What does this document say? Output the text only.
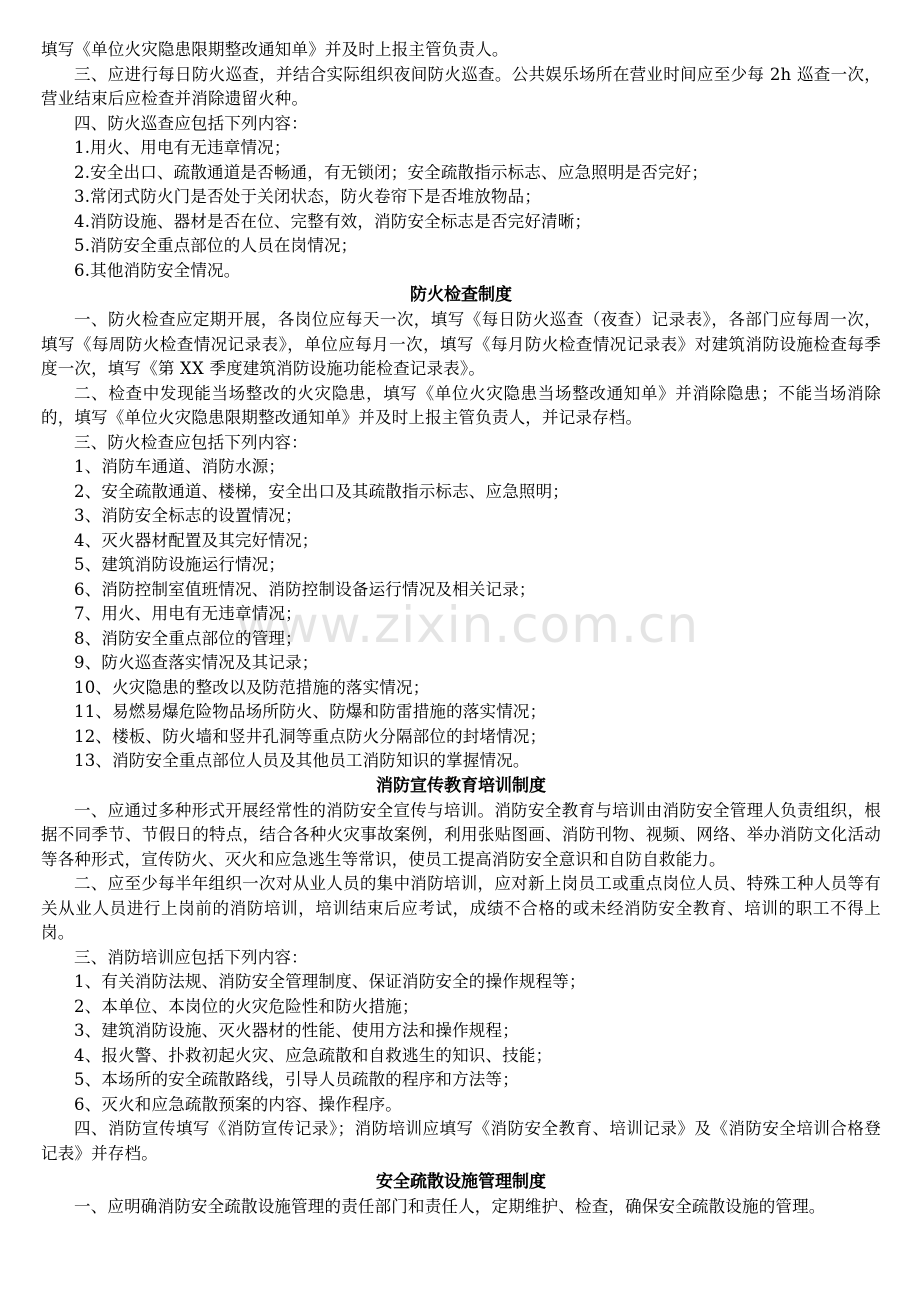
填写《单位火灾隐患限期整改通知单》并及时上报主管负责人。

三、应进行每日防火巡查，并结合实际组织夜间防火巡查。公共娱乐场所在营业时间应至少每 2h 巡查一次，营业结束后应检查并消除遗留火种。

四、防火巡查应包括下列内容：

1.用火、用电有无违章情况；

2.安全出口、疏散通道是否畅通，有无锁闭；安全疏散指示标志、应急照明是否完好；

3.常闭式防火门是否处于关闭状态，防火卷帘下是否堆放物品；

4.消防设施、器材是否在位、完整有效，消防安全标志是否完好清晰；

5.消防安全重点部位的人员在岗情况；

6.其他消防安全情况。

防火检查制度

一、防火检查应定期开展，各岗位应每天一次，填写《每日防火巡查（夜查）记录表》，各部门应每周一次，填写《每周防火检查情况记录表》，单位应每月一次，填写《每月防火检查情况记录表》对建筑消防设施检查每季度一次，填写《第 XX 季度建筑消防设施功能检查记录表》。

二、检查中发现能当场整改的火灾隐患，填写《单位火灾隐患当场整改通知单》并消除隐患；不能当场消除的，填写《单位火灾隐患限期整改通知单》并及时上报主管负责人，并记录存档。

三、防火检查应包括下列内容：

1、消防车通道、消防水源；

2、安全疏散通道、楼梯，安全出口及其疏散指示标志、应急照明；

3、消防安全标志的设置情况；

4、灭火器材配置及其完好情况；

5、建筑消防设施运行情况；

6、消防控制室值班情况、消防控制设备运行情况及相关记录；

7、用火、用电有无违章情况；

8、消防安全重点部位的管理；

9、防火巡查落实情况及其记录；

10、火灾隐患的整改以及防范措施的落实情况；

11、易燃易爆危险物品场所防火、防爆和防雷措施的落实情况；

12、楼板、防火墙和竖井孔洞等重点防火分隔部位的封堵情况；

13、消防安全重点部位人员及其他员工消防知识的掌握情况。

消防宣传教育培训制度

一、应通过多种形式开展经常性的消防安全宣传与培训。消防安全教育与培训由消防安全管理人负责组织，根据不同季节、节假日的特点，结合各种火灾事故案例，利用张贴图画、消防刊物、视频、网络、举办消防文化活动等各种形式，宣传防火、灭火和应急逃生等常识，使员工提高消防安全意识和自防自救能力。

二、应至少每半年组织一次对从业人员的集中消防培训，应对新上岗员工或重点岗位人员、特殊工种人员等有关从业人员进行上岗前的消防培训，培训结束后应考试，成绩不合格的或未经消防安全教育、培训的职工不得上岗。

三、消防培训应包括下列内容：

1、有关消防法规、消防安全管理制度、保证消防安全的操作规程等；

2、本单位、本岗位的火灾危险性和防火措施；

3、建筑消防设施、灭火器材的性能、使用方法和操作规程；

4、报火警、扑救初起火灾、应急疏散和自救逃生的知识、技能；

5、本场所的安全疏散路线，引导人员疏散的程序和方法等；

6、灭火和应急疏散预案的内容、操作程序。

四、消防宣传填写《消防宣传记录》；消防培训应填写《消防安全教育、培训记录》及《消防安全培训合格登记表》并存档。

安全疏散设施管理制度

一、应明确消防安全疏散设施管理的责任部门和责任人，定期维护、检查，确保安全疏散设施的管理。

www.zixin.com.cn
